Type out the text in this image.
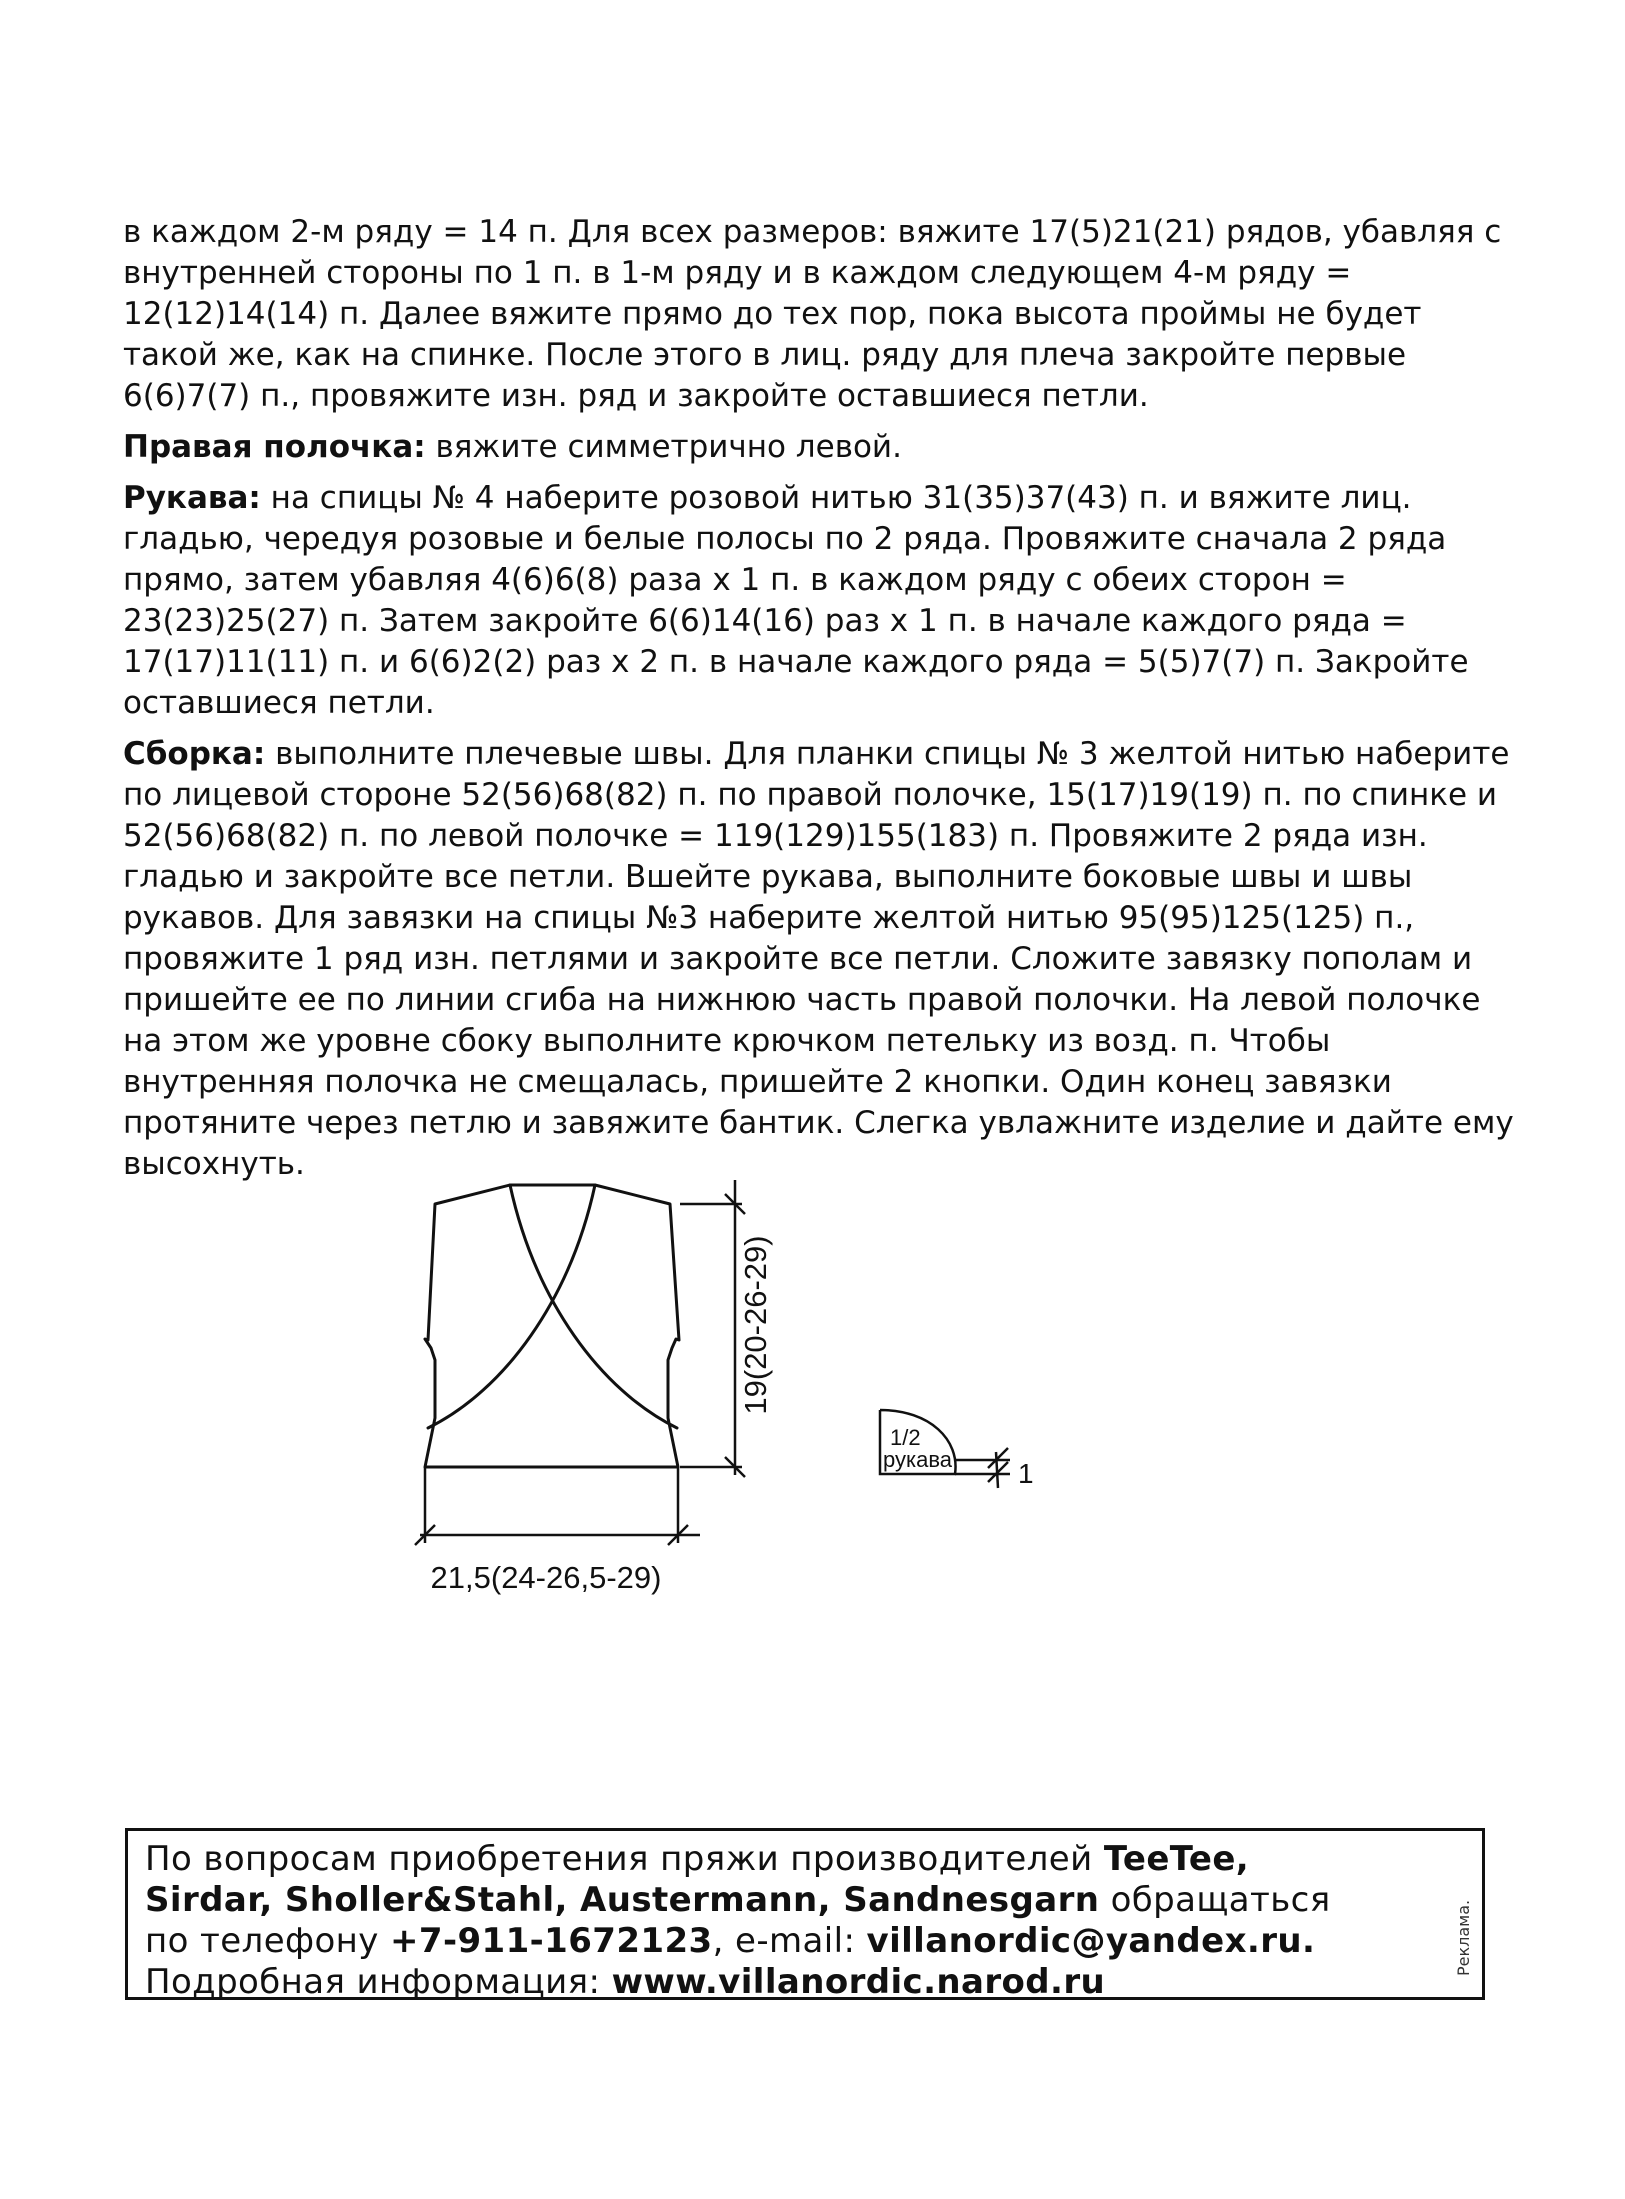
в каждом 2-м ряду = 14 п. Для всех размеров: вяжите 17(5)21(21) рядов, убавляя с внутренней стороны по 1 п. в 1-м ряду и в каждом следующем 4-м ряду = 12(12)14(14) п. Далее вяжите прямо до тех пор, пока высота проймы не будет такой же, как на спинке. После этого в лиц. ряду для плеча закройте первые 6(6)7(7) п., провяжите изн. ряд и закройте оставшиеся петли.

Правая полочка: вяжите симметрично левой.

Рукава: на спицы № 4 наберите розовой нитью 31(35)37(43) п. и вяжите лиц. гладью, чередуя розовые и белые полосы по 2 ряда. Провяжите сначала 2 ряда прямо, затем убавляя 4(6)6(8) раза х 1 п. в каждом ряду с обеих сторон = 23(23)25(27) п. Затем закройте 6(6)14(16) раз х 1 п. в начале каждого ряда = 17(17)11(11) п. и 6(6)2(2) раз х 2 п. в начале каждого ряда = 5(5)7(7) п. Закройте оставшиеся петли.

Сборка: выполните плечевые швы. Для планки спицы № 3 желтой нитью наберите по лицевой стороне 52(56)68(82) п. по правой полочке, 15(17)19(19) п. по спинке и 52(56)68(82) п. по левой полочке = 119(129)155(183) п. Провяжите 2 ряда изн. гладью и закройте все петли. Вшейте рукава, выполните боковые швы и швы рукавов. Для завязки на спицы №3 наберите желтой нитью 95(95)125(125) п., провяжите 1 ряд изн. петлями и закройте все петли. Сложите завязку пополам и пришейте ее по линии сгиба на нижнюю часть правой полочки. На левой полочке на этом же уровне сбоку выполните крючком петельку из возд. п. Чтобы внутренняя полочка не смещалась, пришейте 2 кнопки. Один конец завязки протяните через петлю и завяжите бантик. Слегка увлажните изделие и дайте ему высохнуть.

19(20-26-29)
21,5(24-26,5-29)
1/2
рукава 1
По вопросам приобретения пряжи производителей TeeTee,
Sirdar, Sholler&Stahl, Austermann, Sandnesgarn обращаться
по телефону +7-911-1672123, e-mail: villanordic@yandex.ru.
Подробная информация: www.villanordic.narod.ru
Реклама.
